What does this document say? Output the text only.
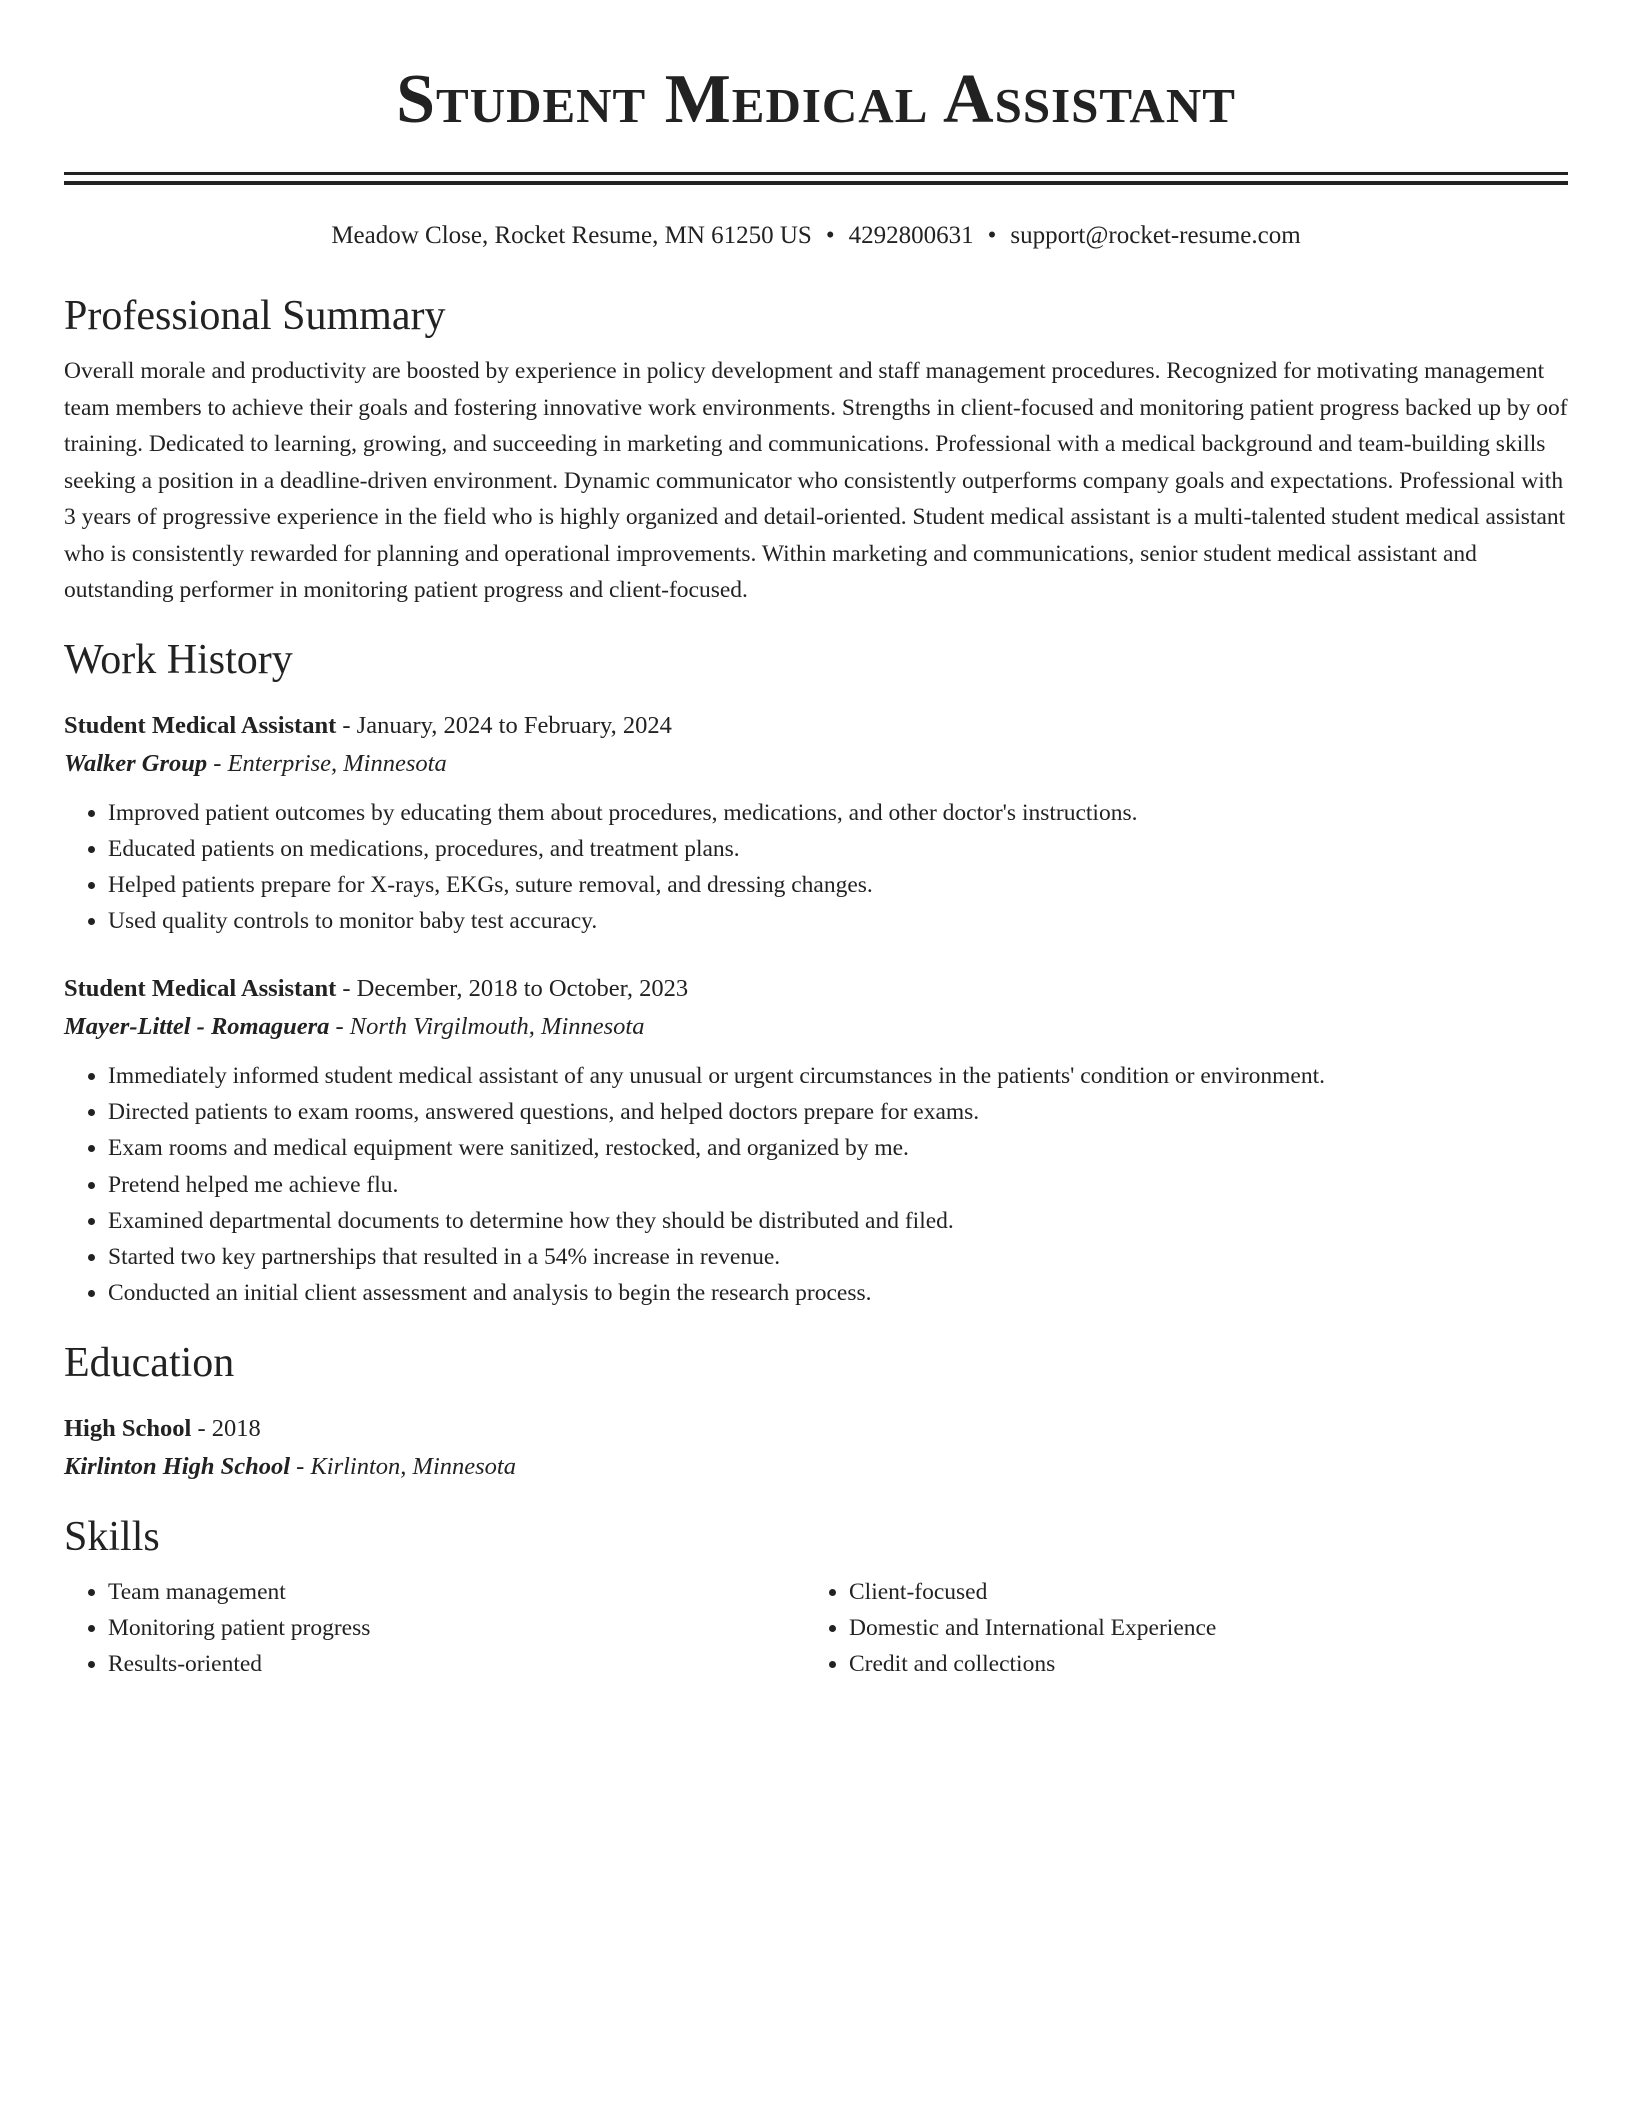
Student Medical Assistant
Meadow Close, Rocket Resume, MN 61250 US • 4292800631 • support@rocket-resume.com
Professional Summary
Overall morale and productivity are boosted by experience in policy development and staff management procedures. Recognized for motivating management team members to achieve their goals and fostering innovative work environments. Strengths in client-focused and monitoring patient progress backed up by oof training. Dedicated to learning, growing, and succeeding in marketing and communications. Professional with a medical background and team-building skills seeking a position in a deadline-driven environment. Dynamic communicator who consistently outperforms company goals and expectations. Professional with 3 years of progressive experience in the field who is highly organized and detail-oriented. Student medical assistant is a multi-talented student medical assistant who is consistently rewarded for planning and operational improvements. Within marketing and communications, senior student medical assistant and outstanding performer in monitoring patient progress and client-focused.
Work History
Student Medical Assistant - January, 2024 to February, 2024
Walker Group - Enterprise, Minnesota
• Improved patient outcomes by educating them about procedures, medications, and other doctor's instructions.
• Educated patients on medications, procedures, and treatment plans.
• Helped patients prepare for X-rays, EKGs, suture removal, and dressing changes.
• Used quality controls to monitor baby test accuracy.
Student Medical Assistant - December, 2018 to October, 2023
Mayer-Littel - Romaguera - North Virgilmouth, Minnesota
• Immediately informed student medical assistant of any unusual or urgent circumstances in the patients' condition or environment.
• Directed patients to exam rooms, answered questions, and helped doctors prepare for exams.
• Exam rooms and medical equipment were sanitized, restocked, and organized by me.
• Pretend helped me achieve flu.
• Examined departmental documents to determine how they should be distributed and filed.
• Started two key partnerships that resulted in a 54% increase in revenue.
• Conducted an initial client assessment and analysis to begin the research process.
Education
High School - 2018
Kirlinton High School - Kirlinton, Minnesota
Skills
• Team management
• Monitoring patient progress
• Results-oriented
• Client-focused
• Domestic and International Experience
• Credit and collections
